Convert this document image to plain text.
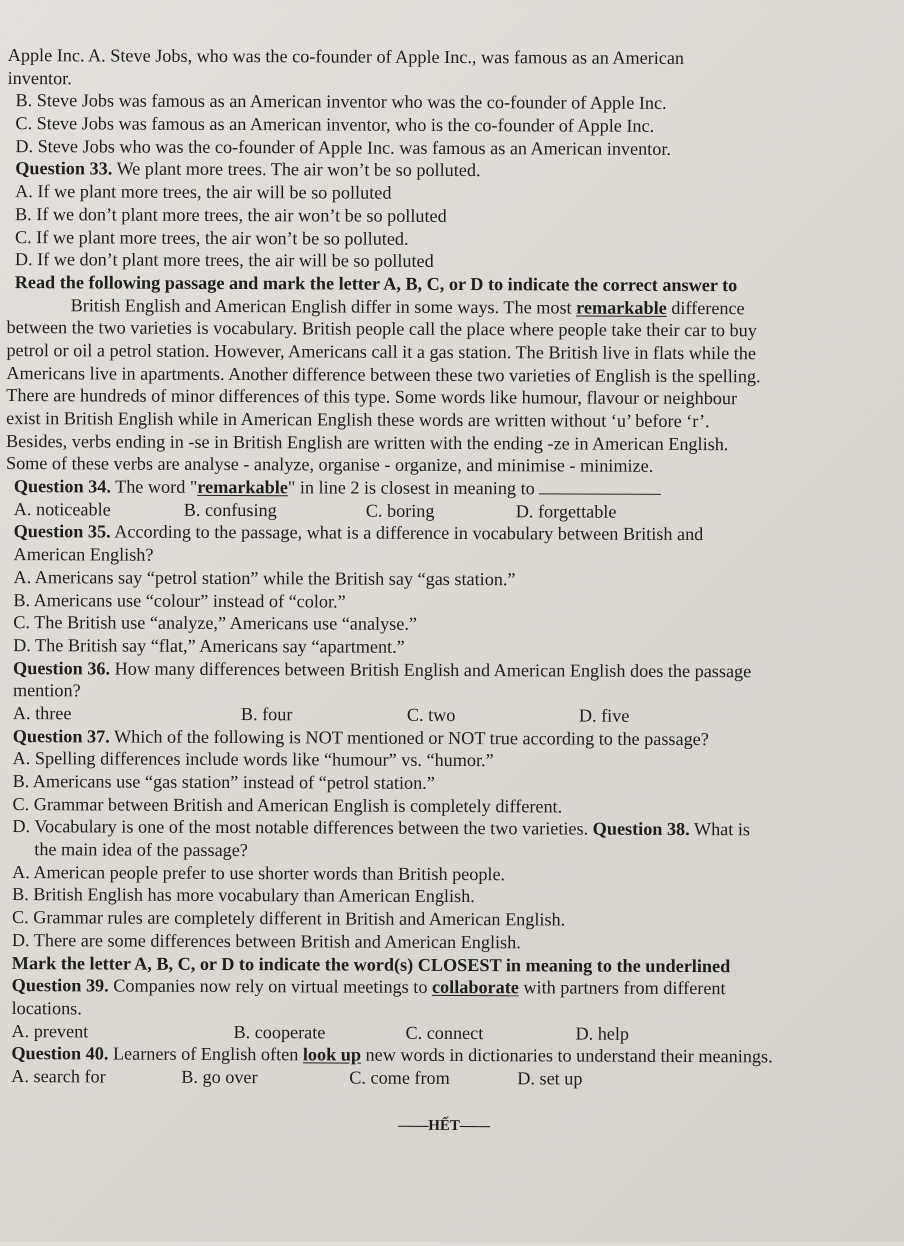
Apple Inc. A. Steve Jobs, who was the co-founder of Apple Inc., was famous as an American
inventor.
B. Steve Jobs was famous as an American inventor who was the co-founder of Apple Inc.
C. Steve Jobs was famous as an American inventor, who is the co-founder of Apple Inc.
D. Steve Jobs who was the co-founder of Apple Inc. was famous as an American inventor.
Question 33. We plant more trees. The air won’t be so polluted.
A. If we plant more trees, the air will be so polluted
B. If we don’t plant more trees, the air won’t be so polluted
C. If we plant more trees, the air won’t be so polluted.
D. If we don’t plant more trees, the air will be so polluted
Read the following passage and mark the letter A, B, C, or D to indicate the correct answer to
British English and American English differ in some ways. The most remarkable difference
between the two varieties is vocabulary. British people call the place where people take their car to buy
petrol or oil a petrol station. However, Americans call it a gas station. The British live in flats while the
Americans live in apartments. Another difference between these two varieties of English is the spelling.
There are hundreds of minor differences of this type. Some words like humour, flavour or neighbour
exist in British English while in American English these words are written without ‘u’ before ‘r’.
Besides, verbs ending in -se in British English are written with the ending -ze in American English.
Some of these verbs are analyse - analyze, organise - organize, and minimise - minimize.
Question 34. The word "remarkable" in line 2 is closest in meaning to
A. noticeable	B. confusing	C. boring	D. forgettable
Question 35. According to the passage, what is a difference in vocabulary between British and
American English?
A. Americans say “petrol station” while the British say “gas station.”
B. Americans use “colour” instead of “color.”
C. The British use “analyze,” Americans use “analyse.”
D. The British say “flat,” Americans say “apartment.”
Question 36. How many differences between British English and American English does the passage
mention?
A. three	B. four	C. two	D. five
Question 37. Which of the following is NOT mentioned or NOT true according to the passage?
A. Spelling differences include words like “humour” vs. “humor.”
B. Americans use “gas station” instead of “petrol station.”
C. Grammar between British and American English is completely different.
D. Vocabulary is one of the most notable differences between the two varieties. Question 38. What is
the main idea of the passage?
A. American people prefer to use shorter words than British people.
B. British English has more vocabulary than American English.
C. Grammar rules are completely different in British and American English.
D. There are some differences between British and American English.
Mark the letter A, B, C, or D to indicate the word(s) CLOSEST in meaning to the underlined
Question 39. Companies now rely on virtual meetings to collaborate with partners from different
locations.
A. prevent	B. cooperate	C. connect	D. help
Question 40. Learners of English often look up new words in dictionaries to understand their meanings.
A. search for	B. go over	C. come from	D. set up
——HẾT——
